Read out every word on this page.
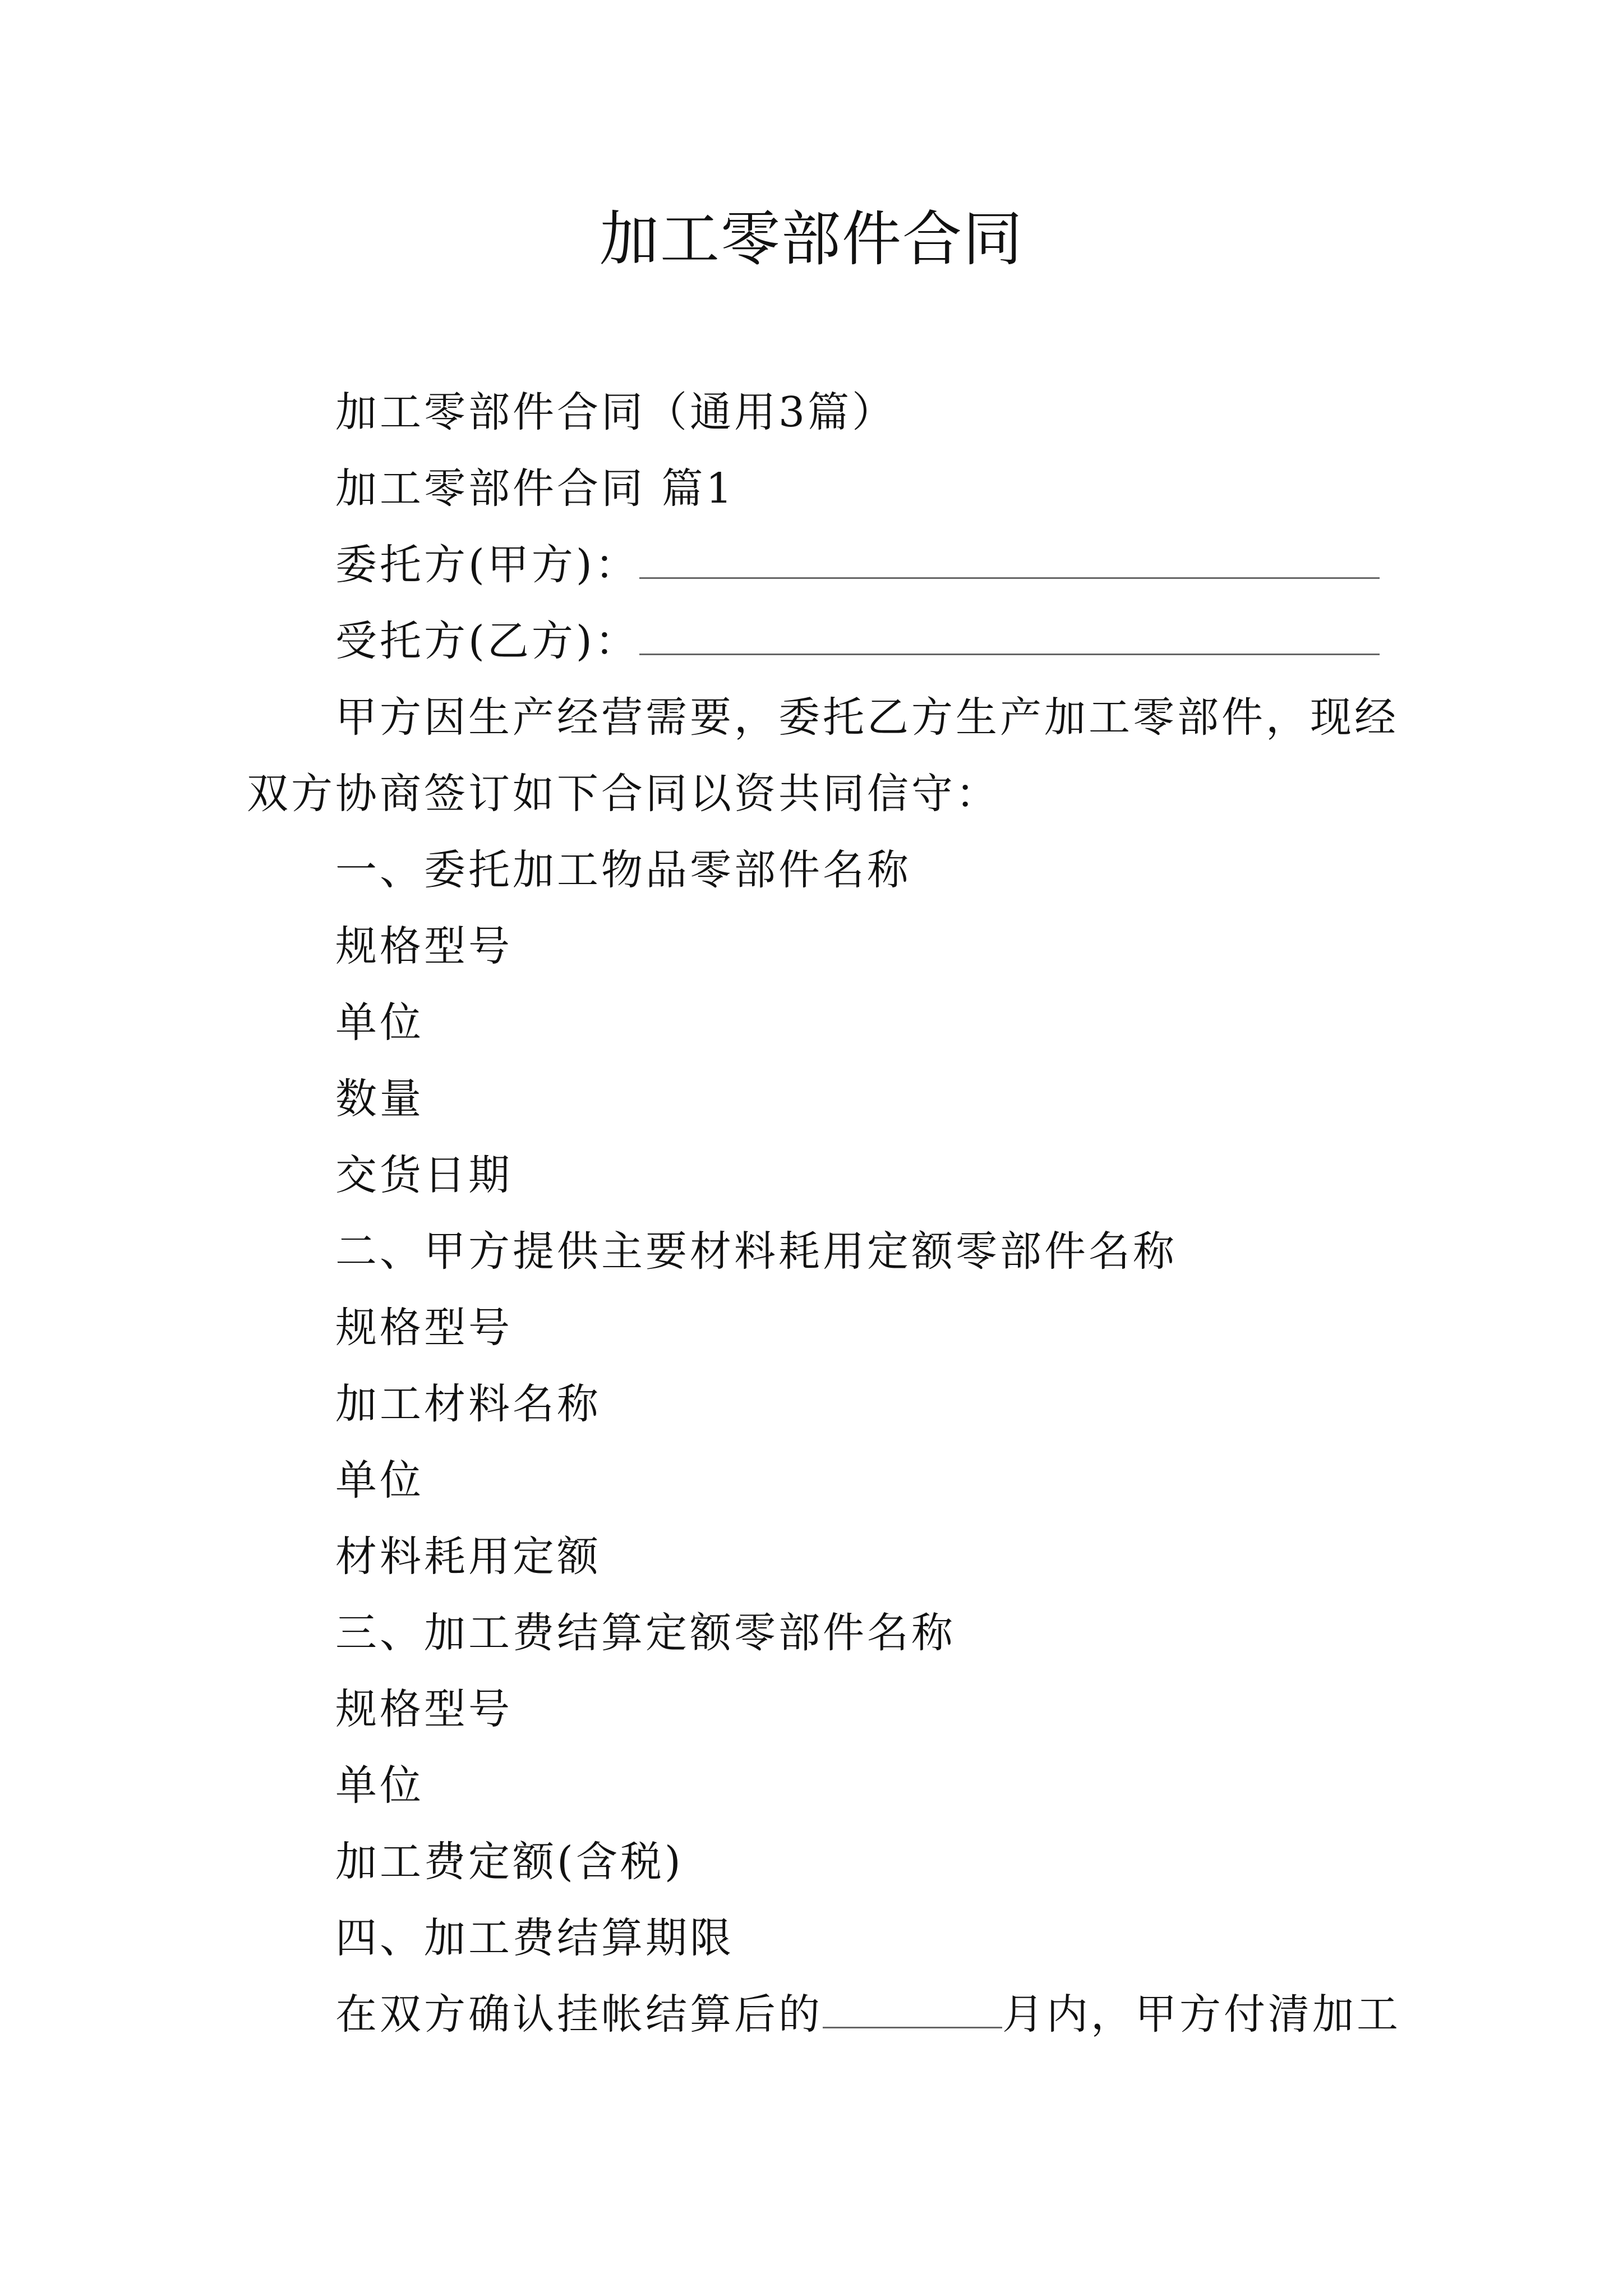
加工零部件合同
加工零部件合同（通用3篇）
加工零部件合同 篇1
委托方(甲方)：
受托方(乙方)：
甲方因生产经营需要，委托乙方生产加工零部件，现经
双方协商签订如下合同以资共同信守：
一、委托加工物品零部件名称
规格型号
单位
数量
交货日期
二、甲方提供主要材料耗用定额零部件名称
规格型号
加工材料名称
单位
材料耗用定额
三、加工费结算定额零部件名称
规格型号
单位
加工费定额(含税)
四、加工费结算期限
在双方确认挂帐结算后的	月内，甲方付清加工
